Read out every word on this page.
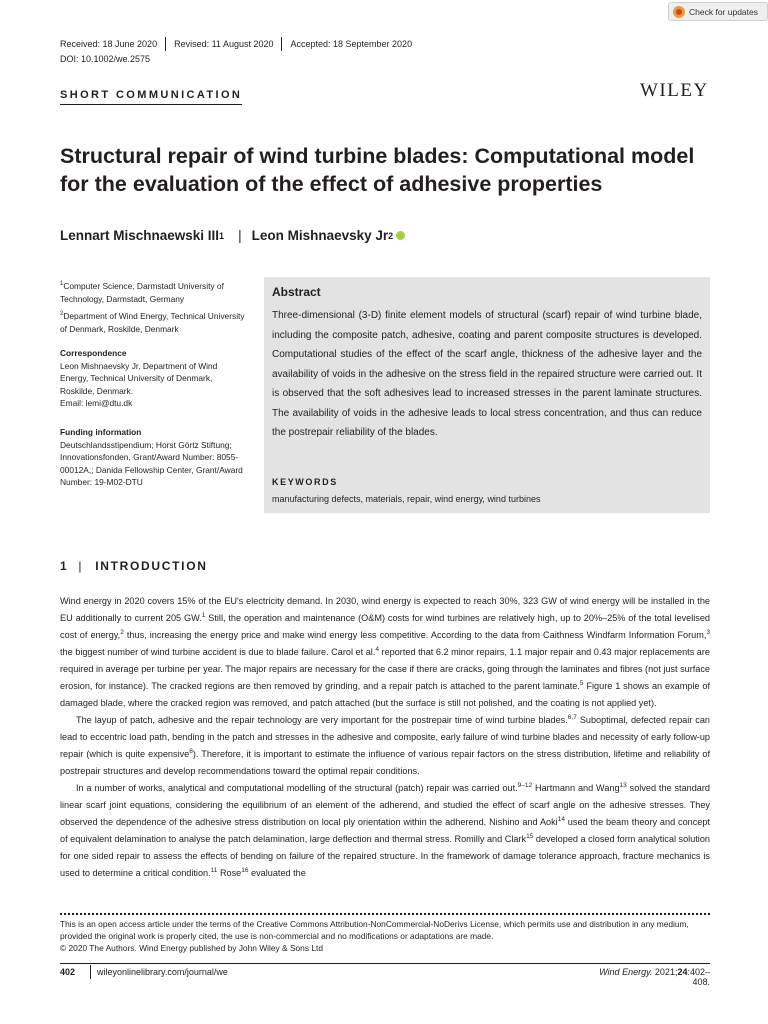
Check for updates
Received: 18 June 2020 Revised: 11 August 2020 Accepted: 18 September 2020
DOI: 10.1002/we.2575
SHORT COMMUNICATION	WILEY
Structural repair of wind turbine blades: Computational model for the evaluation of the effect of adhesive properties
Lennart Mischnaewski III 1 | Leon Mishnaevsky Jr 2
$^1$Computer Science, Darmstadt University of Technology, Darmstadt, Germany
$^2$Department of Wind Energy, Technical University of Denmark, Roskilde, Denmark
Correspondence
Leon Mishnaevsky Jr, Department of Wind Energy, Technical University of Denmark, Roskilde, Denmark.
Email: lemi@dtu.dk
Funding information
Deutschlandsstipendium; Horst Görtz Stiftung; Innovationsfonden, Grant/Award Number: 8055-00012A,; Danida Fellowship Center, Grant/Award Number: 19-M02-DTU
Abstract
Three-dimensional (3-D) finite element models of structural (scarf) repair of wind turbine blade, including the composite patch, adhesive, coating and parent composite structures is developed. Computational studies of the effect of the scarf angle, thickness of the adhesive layer and the availability of voids in the adhesive on the stress field in the repaired structure were carried out. It is observed that the soft adhesives lead to increased stresses in the parent laminate structures. The availability of voids in the adhesive leads to local stress concentration, and thus can reduce the postrepair reliability of the blades.
KEYWORDS
manufacturing defects, materials, repair, wind energy, wind turbines
1 | INTRODUCTION

Wind energy in 2020 covers 15% of the EU's electricity demand. In 2030, wind energy is expected to reach 30%, 323 GW of wind energy will be installed in the EU additionally to current 205 GW.$^1$ Still, the operation and maintenance (O&M) costs for wind turbines are relatively high, up to 20%–25% of the total levelised cost of energy,$^2$ thus, increasing the energy price and make wind energy less competitive. According to the data from Caithness Windfarm Information Forum,$^3$ the biggest number of wind turbine accident is due to blade failure. Carol et al.$^4$ reported that 6.2 minor repairs, 1.1 major repair and 0.43 major replacements are required in average per turbine per year. The major repairs are necessary for the case if there are cracks, going through the laminates and fibres (not just surface erosion, for instance). The cracked regions are then removed by grinding, and a repair patch is attached to the parent laminate.$^5$ Figure 1 shows an example of damaged blade, where the cracked region was removed, and patch attached (but the surface is still not polished, and the coating is not applied yet).

The layup of patch, adhesive and the repair technology are very important for the postrepair time of wind turbine blades.$^{6,7}$ Suboptimal, defected repair can lead to eccentric load path, bending in the patch and stresses in the adhesive and composite, early failure of wind turbine blades and necessity of early follow-up repair (which is quite expensive$^8$). Therefore, it is important to estimate the influence of various repair factors on the stress distribution, lifetime and reliability of postrepair structures and develop recommendations toward the optimal repair conditions.

In a number of works, analytical and computational modelling of the structural (patch) repair was carried out.$^{9-12}$ Hartmann and Wang$^{13}$ solved the standard linear scarf joint equations, considering the equilibrium of an element of the adherend, and studied the effect of scarf angle on the adhesive stresses. They observed the dependence of the adhesive stress distribution on local ply orientation within the adherend. Nishino and Aoki$^{14}$ used the beam theory and concept of equivalent delamination to analyse the patch delamination, large deflection and thermal stress. Romilly and Clark$^{15}$ developed a closed form analytical solution for one sided repair to assess the effects of bending on failure of the repaired structure. In the framework of damage tolerance approach, fracture mechanics is used to determine a critical condition.$^{11}$ Rose$^{16}$ evaluated the

This is an open access article under the terms of the Creative Commons Attribution-NonCommercial-NoDerivs License, which permits use and distribution in any medium, provided the original work is properly cited, the use is non-commercial and no modifications or adaptations are made.
© 2020 The Authors. Wind Energy published by John Wiley & Sons Ltd
402 wileyonlinelibrary.com/journal/we	Wind Energy. 2021;24:402–408.
